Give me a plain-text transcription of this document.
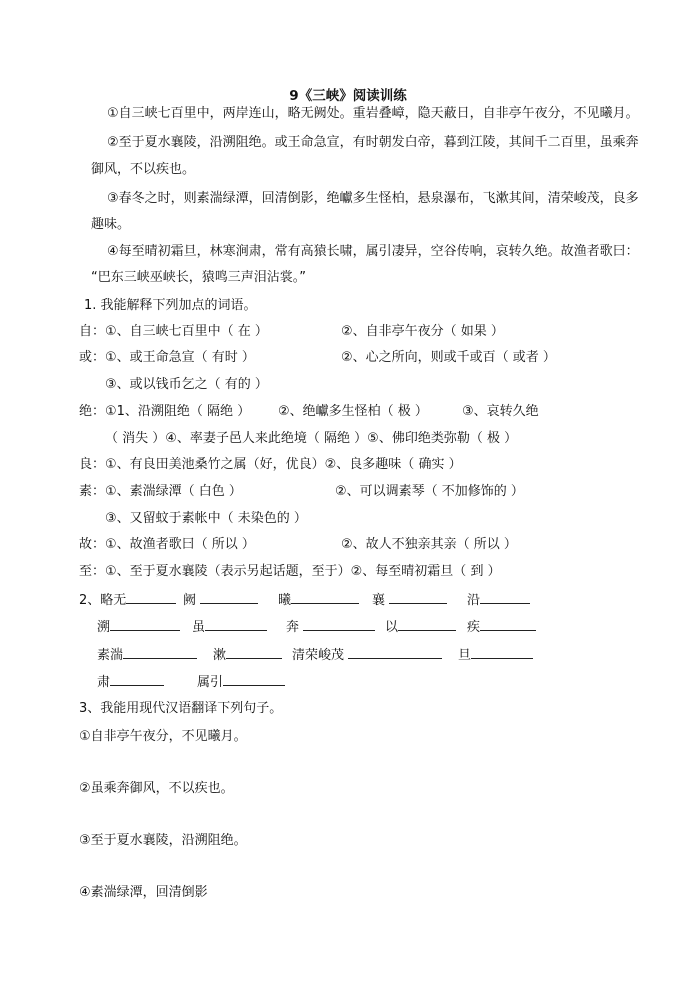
9《三峡》阅读训练
①自三峡七百里中，两岸连山，略无阙处。重岩叠嶂，隐天蔽日，自非亭午夜分，不见曦月。
②至于夏水襄陵，沿溯阻绝。或王命急宣，有时朝发白帝，暮到江陵，其间千二百里，虽乘奔
御风，不以疾也。
③春冬之时，则素湍绿潭，回清倒影，绝巘多生怪柏，悬泉瀑布，飞漱其间，清荣峻茂，良多
趣味。
④每至晴初霜旦，林寒涧肃，常有高猿长啸，属引凄异，空谷传响，哀转久绝。故渔者歌曰：
“巴东三峡巫峡长，猿鸣三声泪沾裳。”
1. 我能解释下列加点的词语。
自：①、自三峡七百里中（ 在 ）	②、自非亭午夜分（ 如果 ）
或：①、或王命急宣（ 有时 ）	②、心之所向，则或千或百（ 或者 ）
③、或以钱币乞之（ 有的 ）
绝：①1、沿溯阻绝（ 隔绝 ） ②、绝巘多生怪柏（ 极 ）	③、哀转久绝
（ 消失 ）④、率妻子邑人来此绝境（ 隔绝 ）⑤、佛印绝类弥勒（ 极 ）
良：①、有良田美池桑竹之属（好，优良）②、良多趣味（ 确实 ）
素：①、素湍绿潭（ 白色 ）	②、可以调素琴（ 不加修饰的 ）
③、又留蚊于素帐中（ 未染色的 ）
故：①、故渔者歌曰（ 所以 ）	②、故人不独亲其亲（ 所以 ）
至：①、至于夏水襄陵（表示另起话题，至于）②、每至晴初霜旦（ 到 ）
2、略无	阙	曦	襄	沿
溯	虽	奔	以	疾
素湍	漱	清荣峻茂	旦
肃	属引
3、我能用现代汉语翻译下列句子。
①自非亭午夜分，不见曦月。
②虽乘奔御风，不以疾也。
③至于夏水襄陵，沿溯阻绝。
④素湍绿潭，回清倒影
